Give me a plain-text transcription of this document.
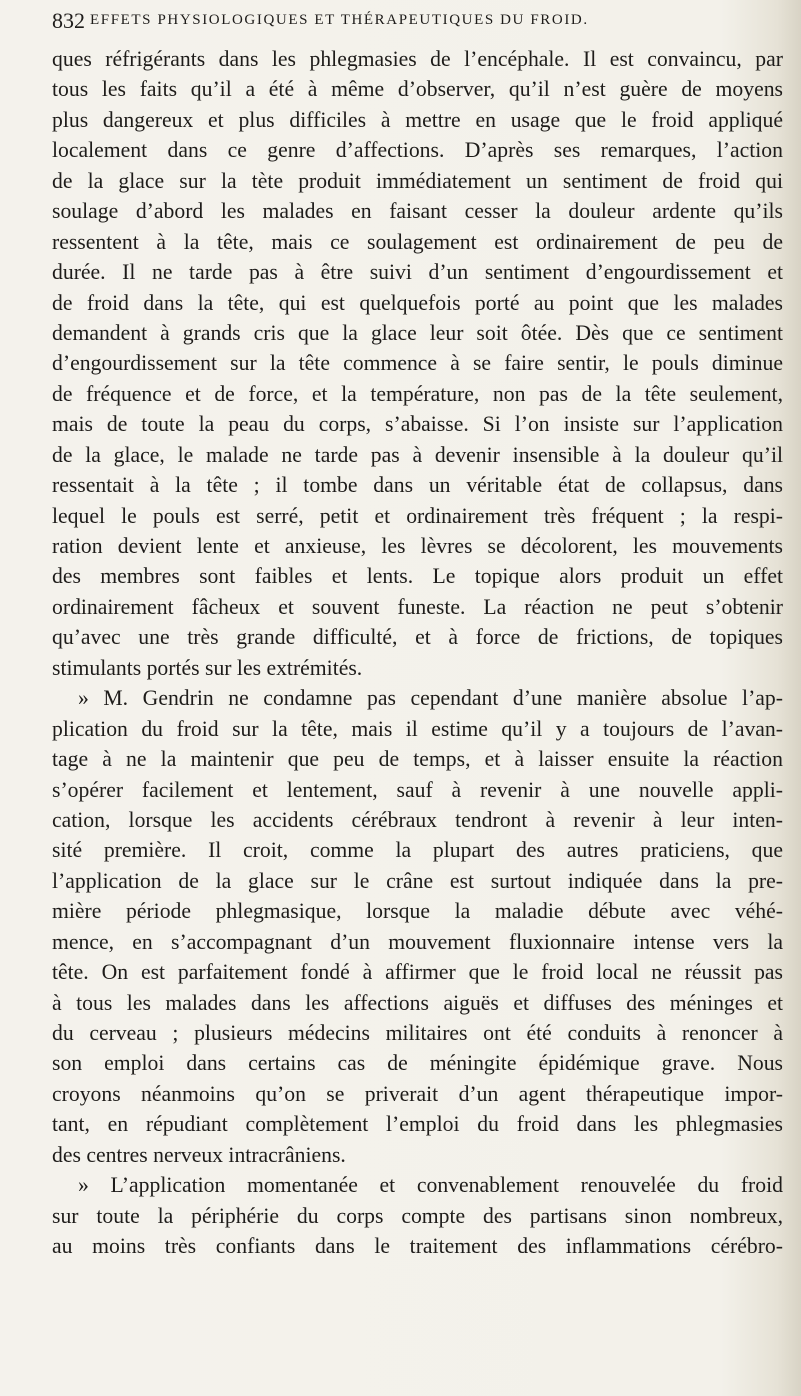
832 EFFETS PHYSIOLOGIQUES ET THÉRAPEUTIQUES DU FROID.
ques réfrigérants dans les phlegmasies de l’encéphale. Il est convaincu, par
tous les faits qu’il a été à même d’observer, qu’il n’est guère de moyens
plus dangereux et plus difficiles à mettre en usage que le froid appliqué
localement dans ce genre d’affections. D’après ses remarques, l’action
de la glace sur la tète produit immédiatement un sentiment de froid qui
soulage d’abord les malades en faisant cesser la douleur ardente qu’ils
ressentent à la tête, mais ce soulagement est ordinairement de peu de
durée. Il ne tarde pas à être suivi d’un sentiment d’engourdissement et
de froid dans la tête, qui est quelquefois porté au point que les malades
demandent à grands cris que la glace leur soit ôtée. Dès que ce sentiment
d’engourdissement sur la tête commence à se faire sentir, le pouls diminue
de fréquence et de force, et la température, non pas de la tête seulement,
mais de toute la peau du corps, s’abaisse. Si l’on insiste sur l’application
de la glace, le malade ne tarde pas à devenir insensible à la douleur qu’il
ressentait à la tête ; il tombe dans un véritable état de collapsus, dans
lequel le pouls est serré, petit et ordinairement très fréquent ; la respi-
ration devient lente et anxieuse, les lèvres se décolorent, les mouvements
des membres sont faibles et lents. Le topique alors produit un effet
ordinairement fâcheux et souvent funeste. La réaction ne peut s’obtenir
qu’avec une très grande difficulté, et à force de frictions, de topiques
stimulants portés sur les extrémités.
» M. Gendrin ne condamne pas cependant d’une manière absolue l’ap-
plication du froid sur la tête, mais il estime qu’il y a toujours de l’avan-
tage à ne la maintenir que peu de temps, et à laisser ensuite la réaction
s’opérer facilement et lentement, sauf à revenir à une nouvelle appli-
cation, lorsque les accidents cérébraux tendront à revenir à leur inten-
sité première. Il croit, comme la plupart des autres praticiens, que
l’application de la glace sur le crâne est surtout indiquée dans la pre-
mière période phlegmasique, lorsque la maladie débute avec véhé-
mence, en s’accompagnant d’un mouvement fluxionnaire intense vers la
tête. On est parfaitement fondé à affirmer que le froid local ne réussit pas
à tous les malades dans les affections aiguës et diffuses des méninges et
du cerveau ; plusieurs médecins militaires ont été conduits à renoncer à
son emploi dans certains cas de méningite épidémique grave. Nous
croyons néanmoins qu’on se priverait d’un agent thérapeutique impor-
tant, en répudiant complètement l’emploi du froid dans les phlegmasies
des centres nerveux intracrâniens.
» L’application momentanée et convenablement renouvelée du froid
sur toute la périphérie du corps compte des partisans sinon nombreux,
au moins très confiants dans le traitement des inflammations cérébro-
